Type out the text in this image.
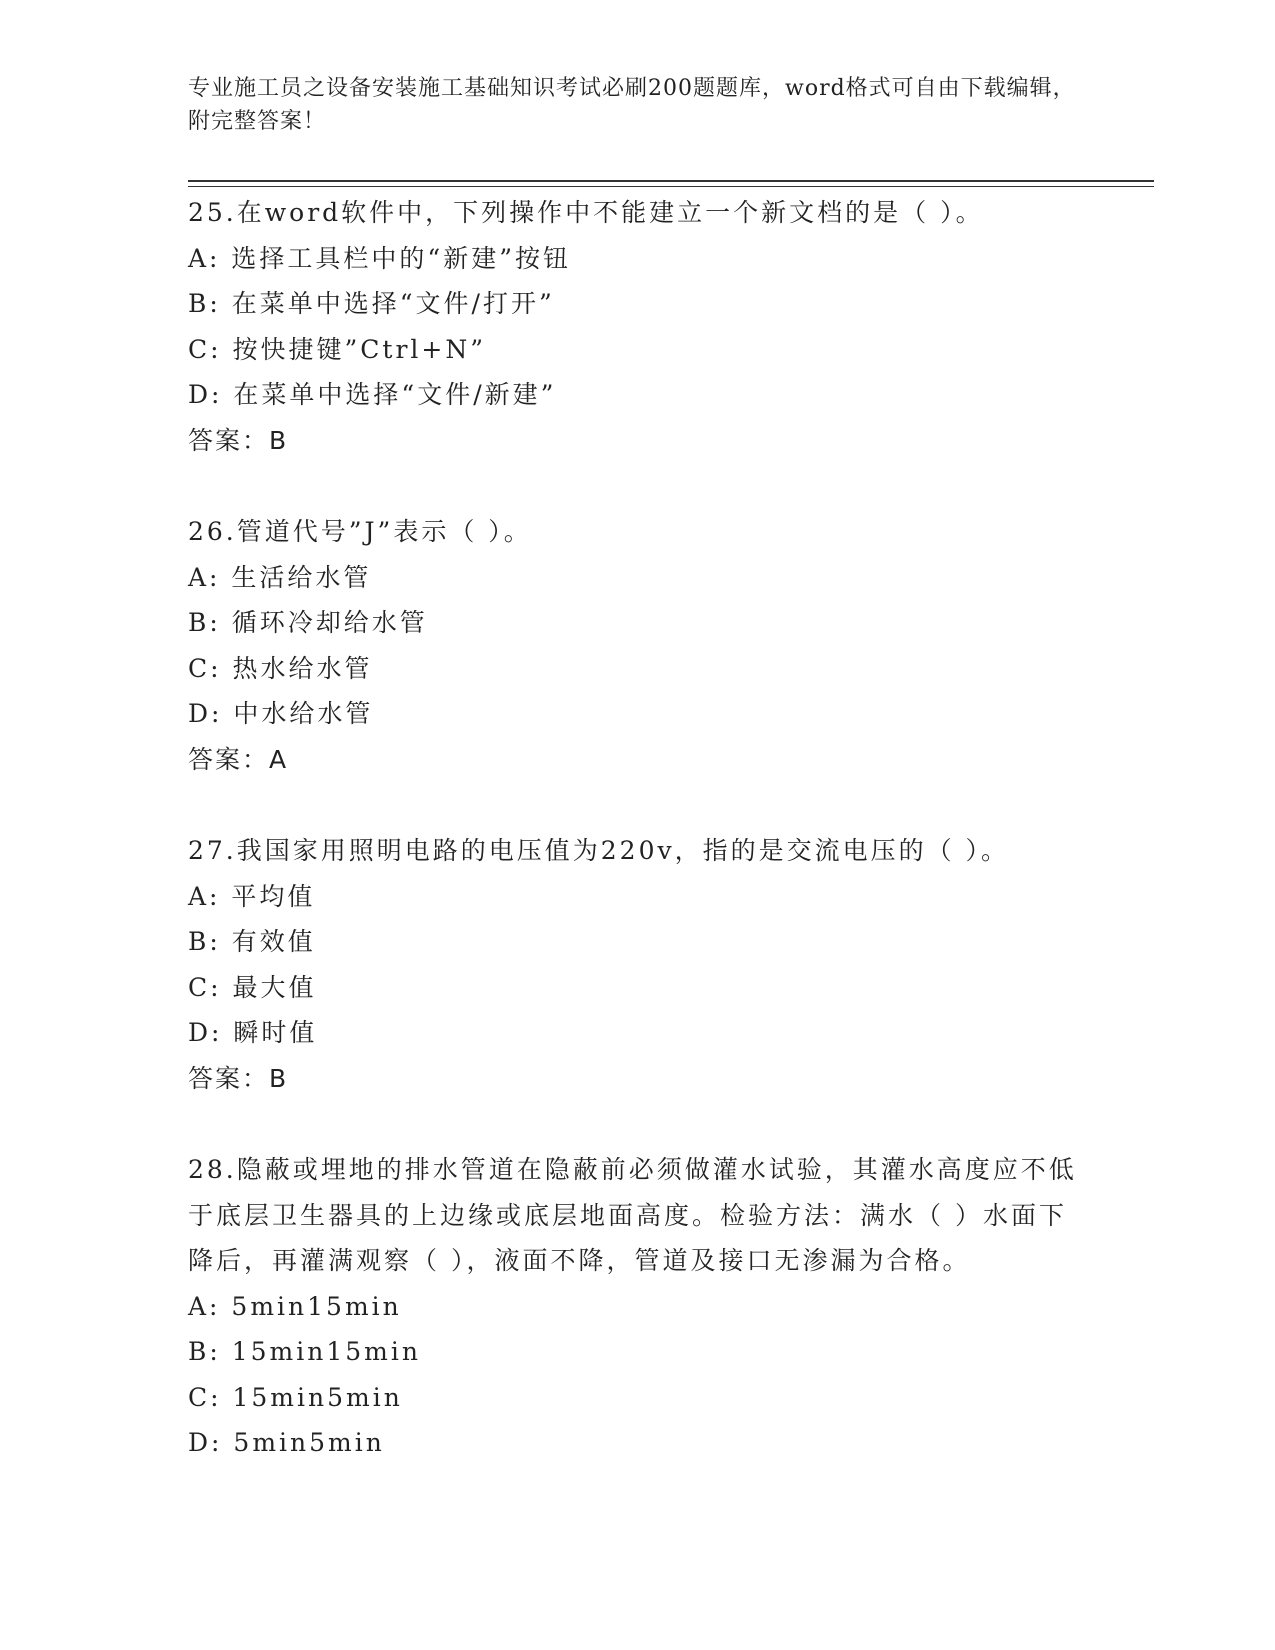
专业施工员之设备安装施工基础知识考试必刷200题题库，word格式可自由下载编辑，附完整答案！
25.在word软件中，下列操作中不能建立一个新文档的是（ ）。
A: 选择工具栏中的“新建”按钮
B: 在菜单中选择“文件/打开”
C: 按快捷键”Ctrl+N”
D: 在菜单中选择“文件/新建”
答案：B
26.管道代号”J”表示（ ）。
A: 生活给水管
B: 循环冷却给水管
C: 热水给水管
D: 中水给水管
答案：A
27.我国家用照明电路的电压值为220v，指的是交流电压的（ ）。
A: 平均值
B: 有效值
C: 最大值
D: 瞬时值
答案：B
28.隐蔽或埋地的排水管道在隐蔽前必须做灌水试验，其灌水高度应不低于底层卫生器具的上边缘或底层地面高度。检验方法：满水（ ）水面下降后，再灌满观察（ ），液面不降，管道及接口无渗漏为合格。
A: 5min15min
B: 15min15min
C: 15min5min
D: 5min5min
